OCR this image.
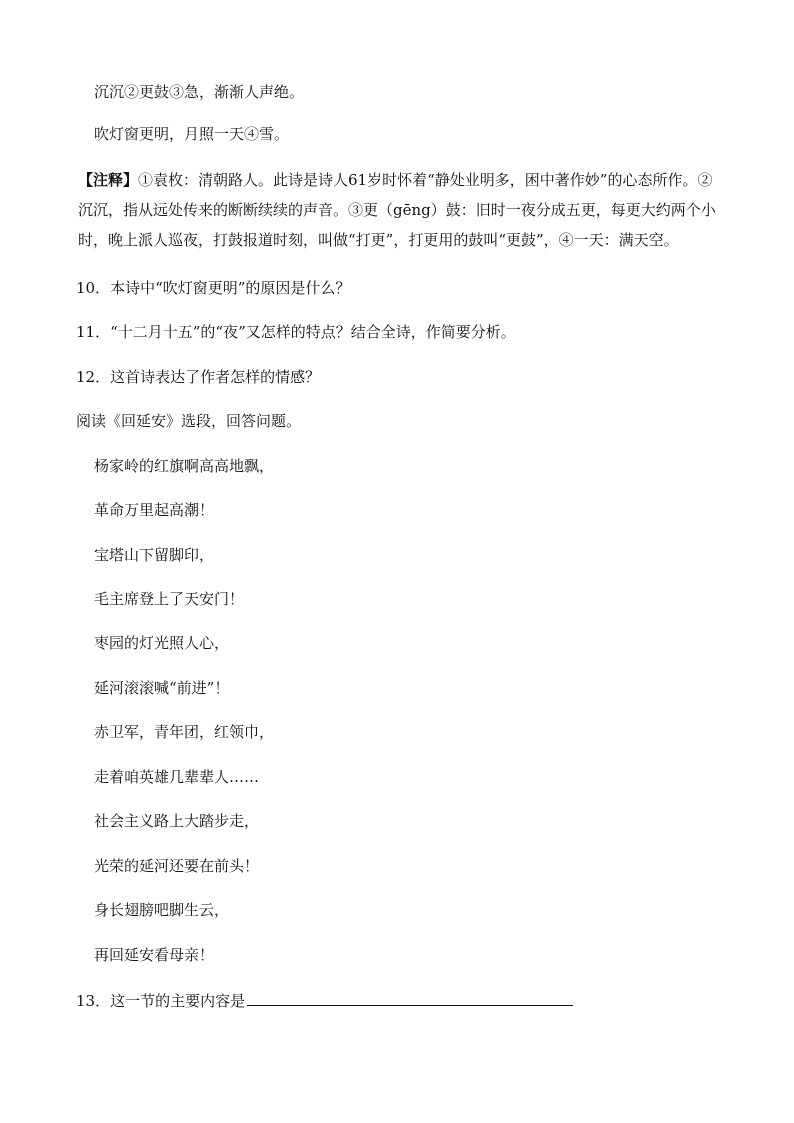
沉沉②更鼓③急，渐渐人声绝。
吹灯窗更明，月照一天④雪。
【注释】①袁枚：清朝路人。此诗是诗人61岁时怀着“静处业明多，困中著作妙”的心态所作。②沉沉，指从远处传来的断断续续的声音。③更（gēng）鼓：旧时一夜分成五更，每更大约两个小时，晚上派人巡夜，打鼓报道时刻，叫做“打更”，打更用的鼓叫“更鼓”，④一天：满天空。
10．本诗中“吹灯窗更明”的原因是什么？
11．“十二月十五”的“夜”又怎样的特点？结合全诗，作简要分析。
12．这首诗表达了作者怎样的情感？
阅读《回延安》选段，回答问题。
杨家岭的红旗啊高高地飘，
革命万里起高潮！
宝塔山下留脚印，
毛主席登上了天安门！
枣园的灯光照人心，
延河滚滚喊“前进”！
赤卫军，青年团，红领巾，
走着咱英雄几辈辈人……
社会主义路上大踏步走，
光荣的延河还要在前头！
身长翅膀吧脚生云，
再回延安看母亲！
13．这一节的主要内容是
